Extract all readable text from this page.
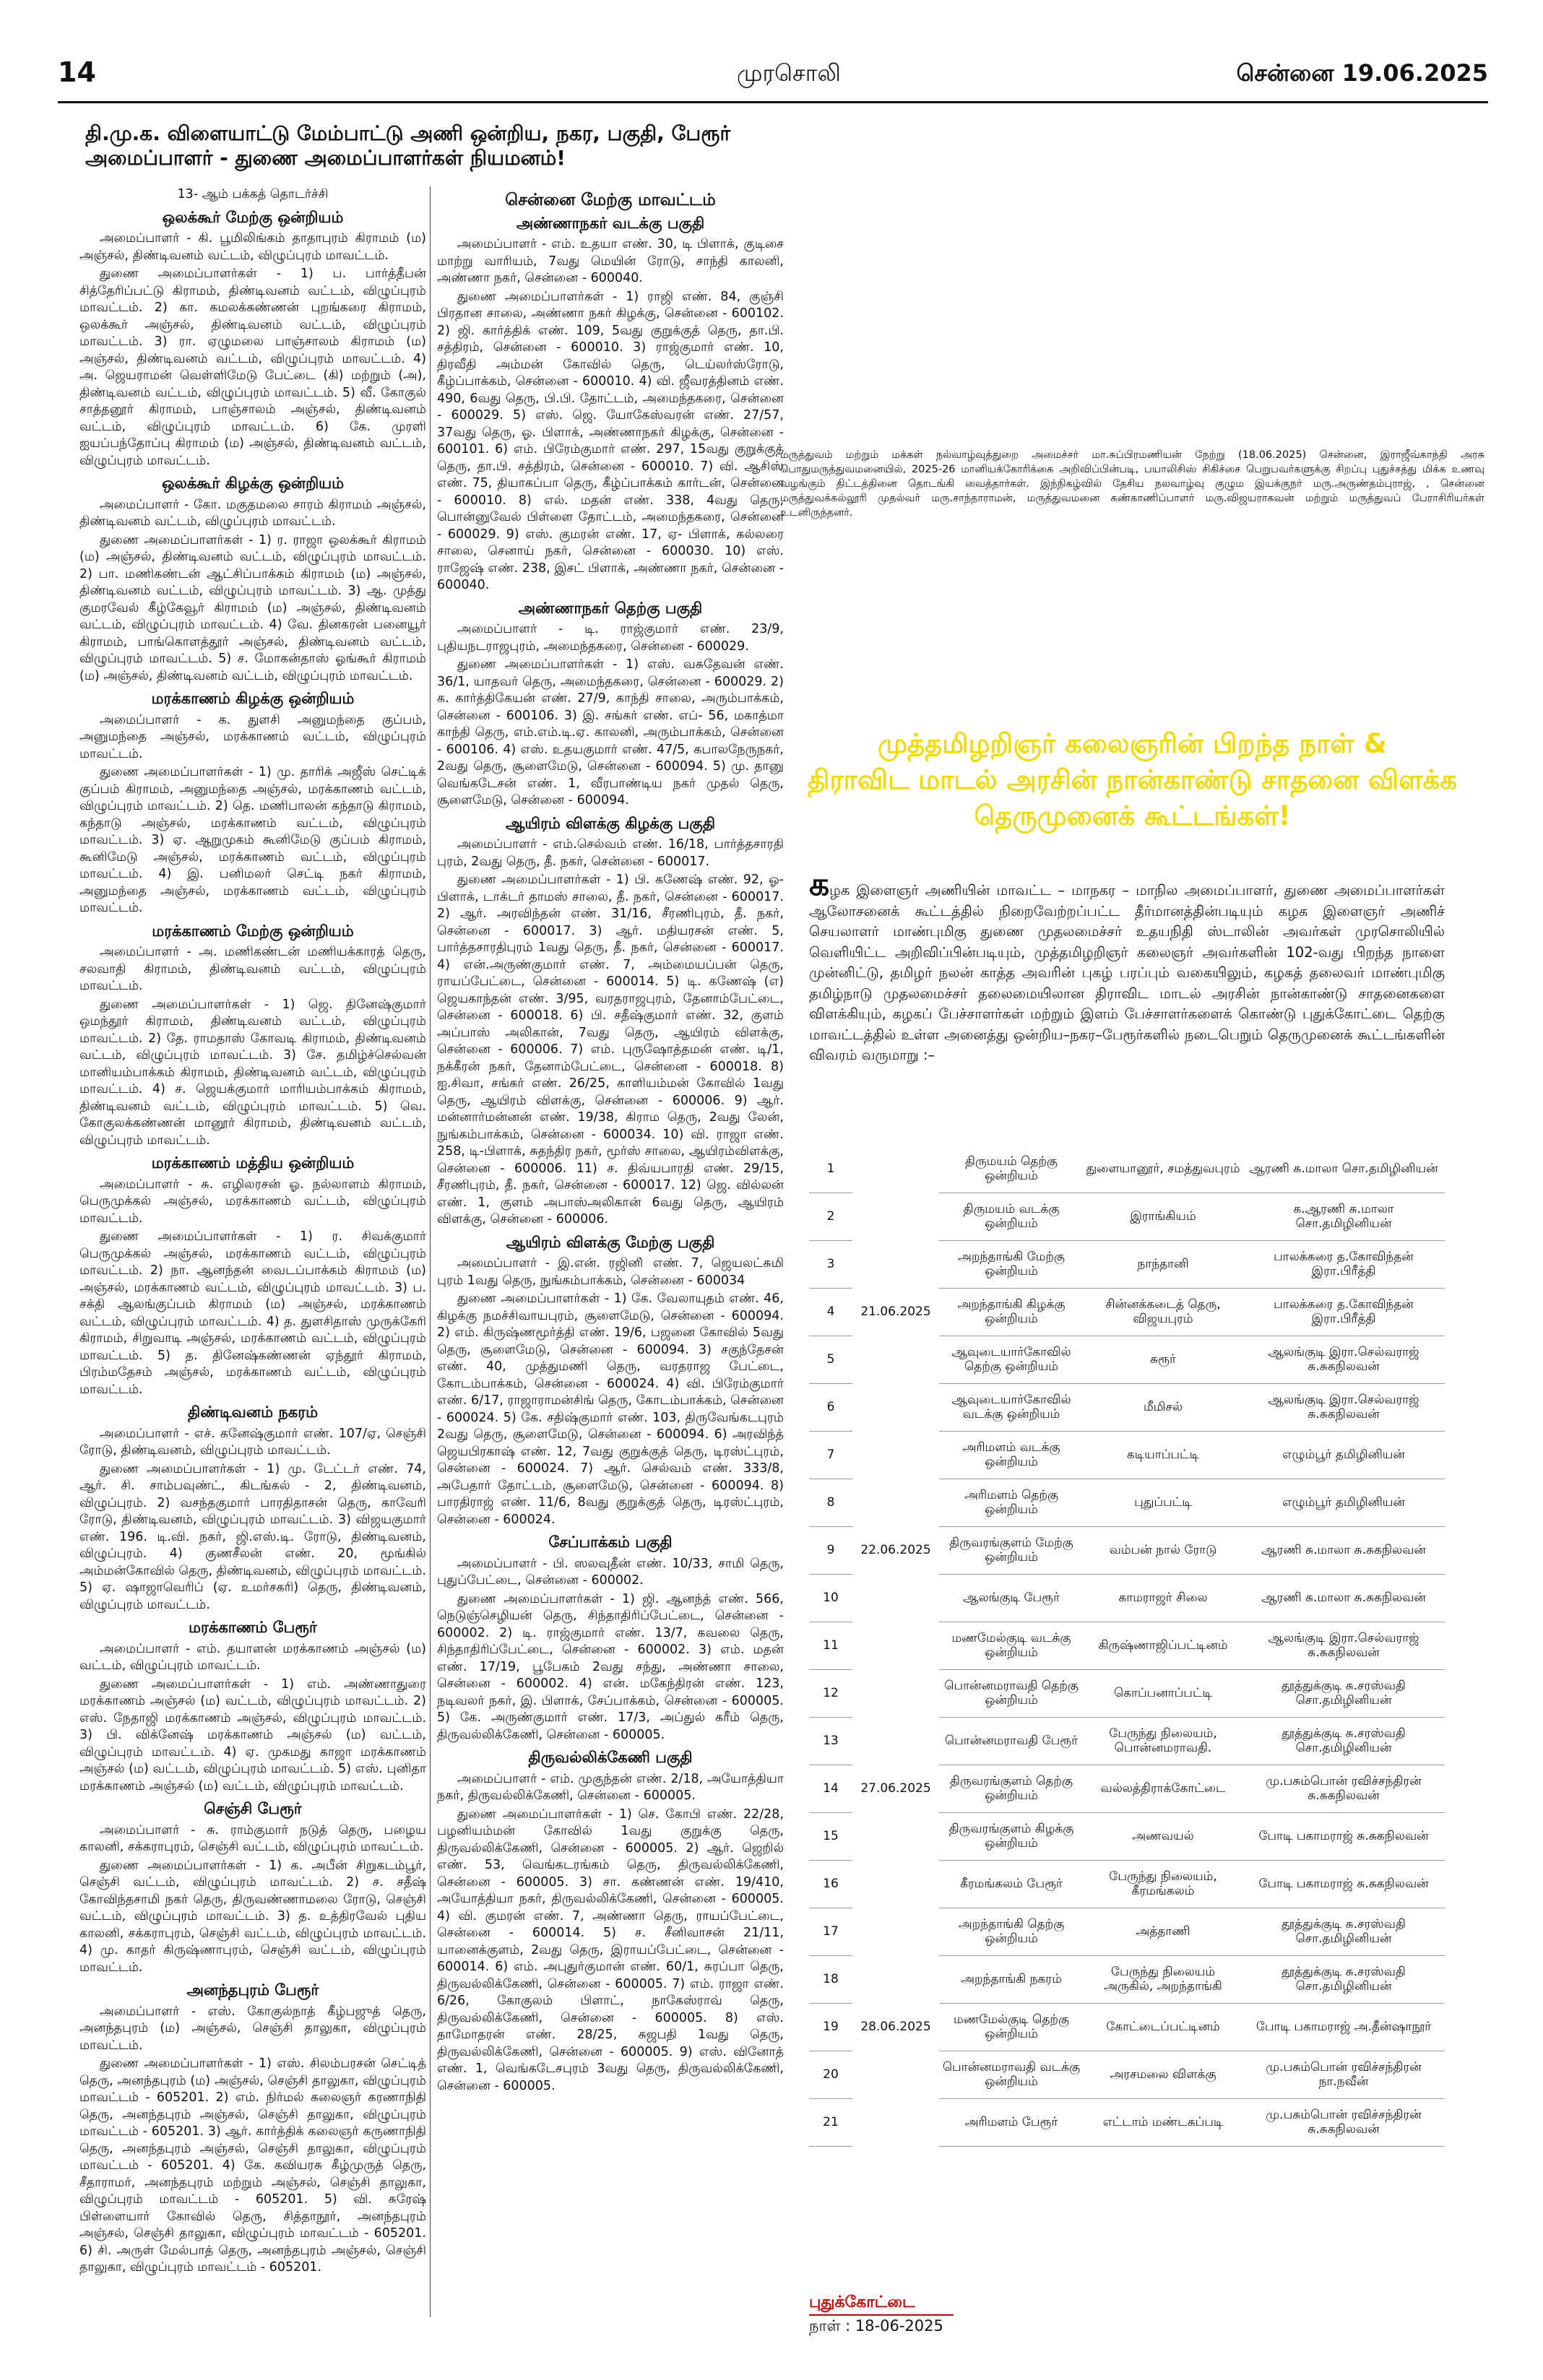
14	முரசொலி	சென்னை 19.06.2025
தி.மு.க. விளையாட்டு மேம்பாட்டு அணி ஒன்றிய, நகர, பகுதி, பேரூர் அமைப்பாளர் - துணை அமைப்பாளர்கள் நியமனம்!

13- ஆம் பக்கத் தொடர்ச்சி

ஒலக்கூர் மேற்கு ஒன்றியம்

அமைப்பாளர் - கி. பூமிலிங்கம் தாதாபுரம் கிராமம் (ம) அஞ்சல், திண்டிவனம் வட்டம், விழுப்புரம் மாவட்டம்.

துணை அமைப்பாளர்கள் - 1) ப. பார்த்தீபன் சித்தேரிப்பட்டு கிராமம், திண்டிவனம் வட்டம், விழுப்புரம் மாவட்டம். 2) கா. கமலக்கண்ணன் புறங்கரை கிராமம், ஒலக்கூர் அஞ்சல், திண்டிவனம் வட்டம், விழுப்புரம் மாவட்டம். 3) ரா. ஏழுமலை பாஞ்சாலம் கிராமம் (ம) அஞ்சல், திண்டிவனம் வட்டம், விழுப்புரம் மாவட்டம். 4) அ. ஜெயராமன் வெள்ளிமேடு பேட்டை (கி) மற்றும் (அ), திண்டிவனம் வட்டம், விழுப்புரம் மாவட்டம். 5) வீ. கோகுல் சாத்தனூர் கிராமம், பாஞ்சாலம் அஞ்சல், திண்டிவனம் வட்டம், விழுப்புரம் மாவட்டம். 6) கே. முரளி ஐயப்பந்தோப்பு கிராமம் (ம) அஞ்சல், திண்டிவனம் வட்டம், விழுப்புரம் மாவட்டம்.

ஒலக்கூர் கிழக்கு ஒன்றியம்

அமைப்பாளர் - கோ. மகுதமலை சாரம் கிராமம் அஞ்சல், திண்டிவனம் வட்டம், விழுப்புரம் மாவட்டம்.

துணை அமைப்பாளர்கள் - 1) ர. ராஜா ஒலக்கூர் கிராமம் (ம) அஞ்சல், திண்டிவனம் வட்டம், விழுப்புரம் மாவட்டம். 2) பா. மணிகண்டன் ஆட்சிப்பாக்கம் கிராமம் (ம) அஞ்சல், திண்டிவனம் வட்டம், விழுப்புரம் மாவட்டம். 3) ஆ. முத்து குமரவேல் கீழ்கேவூர் கிராமம் (ம) அஞ்சல், திண்டிவனம் வட்டம், விழுப்புரம் மாவட்டம். 4) வே. தினகரன் பனையூர் கிராமம், பாங்கொளத்தூர் அஞ்சல், திண்டிவனம் வட்டம், விழுப்புரம் மாவட்டம். 5) ச. மோகன்தாஸ் ஓங்கூர் கிராமம் (ம) அஞ்சல், திண்டிவனம் வட்டம், விழுப்புரம் மாவட்டம்.

மரக்காணம் கிழக்கு ஒன்றியம்

அமைப்பாளர் - க. துளசி அனுமந்தை குப்பம், அனுமந்தை அஞ்சல், மரக்காணம் வட்டம், விழுப்புரம் மாவட்டம்.

துணை அமைப்பாளர்கள் - 1) மு. தாரிக் அஜீஸ் செட்டிக் குப்பம் கிராமம், அனுமந்தை அஞ்சல், மரக்காணம் வட்டம், விழுப்புரம் மாவட்டம். 2) தெ. மணிபாலன் கந்தாடு கிராமம், கந்தாடு அஞ்சல், மரக்காணம் வட்டம், விழுப்புரம் மாவட்டம். 3) ஏ. ஆறுமுகம் கூனிமேடு குப்பம் கிராமம், கூனிமேடு அஞ்சல், மரக்காணம் வட்டம், விழுப்புரம் மாவட்டம். 4) இ. பனிமலர் செட்டி நகர் கிராமம், அனுமந்தை அஞ்சல், மரக்காணம் வட்டம், விழுப்புரம் மாவட்டம்.

மரக்காணம் மேற்கு ஒன்றியம்

அமைப்பாளர் - அ. மணிகண்டன் மணியக்காரத் தெரு, சலவாதி கிராமம், திண்டிவனம் வட்டம், விழுப்புரம் மாவட்டம்.

துணை அமைப்பாளர்கள் - 1) ஜெ. தினேஷ்குமார் ஒமந்தூர் கிராமம், திண்டிவனம் வட்டம், விழுப்புரம் மாவட்டம். 2) தே. ராமதாஸ் கோவடி கிராமம், திண்டிவனம் வட்டம், விழுப்புரம் மாவட்டம். 3) சே. தமிழ்ச்செல்வன் மானியம்பாக்கம் கிராமம், திண்டிவனம் வட்டம், விழுப்புரம் மாவட்டம். 4) ச. ஜெயக்குமார் மாரியம்பாக்கம் கிராமம், திண்டிவனம் வட்டம், விழுப்புரம் மாவட்டம். 5) வெ. கோகுலக்கண்ணன் மானூர் கிராமம், திண்டிவனம் வட்டம், விழுப்புரம் மாவட்டம்.

மரக்காணம் மத்திய ஒன்றியம்

அமைப்பாளர் - சு. எழிலரசன் ஓ. நல்லாளம் கிராமம், பெருமுக்கல் அஞ்சல், மரக்காணம் வட்டம், விழுப்புரம் மாவட்டம்.

துணை அமைப்பாளர்கள் - 1) ர. சிவக்குமார் பெருமுக்கல் அஞ்சல், மரக்காணம் வட்டம், விழுப்புரம் மாவட்டம். 2) நா. ஆனந்தன் வைடப்பாக்கம் கிராமம் (ம) அஞ்சல், மரக்காணம் வட்டம், விழுப்புரம் மாவட்டம். 3) ப. சக்தி ஆலங்குப்பம் கிராமம் (ம) அஞ்சல், மரக்காணம் வட்டம், விழுப்புரம் மாவட்டம். 4) த. துளசிதாஸ் முருக்கேரி கிராமம், சிறுவாடி அஞ்சல், மரக்காணம் வட்டம், விழுப்புரம் மாவட்டம். 5) த. தினேஷ்கண்ணன் ஏந்தூர் கிராமம், பிரம்மதேசம் அஞ்சல், மரக்காணம் வட்டம், விழுப்புரம் மாவட்டம்.

திண்டிவனம் நகரம்

அமைப்பாளர் - எச். கனேஷ்குமார் எண். 107/ஏ, செஞ்சி ரோடு, திண்டிவனம், விழுப்புரம் மாவட்டம்.

துணை அமைப்பாளர்கள் - 1) மு. டேட்டர் எண். 74, ஆர். சி. சாம்பவுண்ட், கிடங்கல் - 2, திண்டிவனம், விழுப்புரம். 2) வசந்தகுமார் பாரதிதாசன் தெரு, காவேரி ரோடு, திண்டிவனம், விழுப்புரம் மாவட்டம். 3) விஜயகுமார் எண். 196. டி.வி. நகர், ஜி.எஸ்.டி. ரோடு, திண்டிவனம், விழுப்புரம். 4) குணசீலன் எண். 20, மூங்கில் அம்மன்கோவில் தெரு, திண்டிவனம், விழுப்புரம் மாவட்டம். 5) ஏ. ஷாஜாவெரிப் (ஏ. உமர்சகரி) தெரு, திண்டிவனம், விழுப்புரம் மாவட்டம்.

மரக்காணம் பேரூர்

அமைப்பாளர் - எம். தயாளன் மரக்காணம் அஞ்சல் (ம) வட்டம், விழுப்புரம் மாவட்டம்.

துணை அமைப்பாளர்கள் - 1) எம். அண்ணாதுரை மரக்காணம் அஞ்சல் (ம) வட்டம், விழுப்புரம் மாவட்டம். 2) எஸ். நேதாஜி மரக்காணம் அஞ்சல், விழுப்புரம் மாவட்டம். 3) பி. விக்னேஷ் மரக்காணம் அஞ்சல் (ம) வட்டம், விழுப்புரம் மாவட்டம். 4) ஏ. முகமது காஜா மரக்காணம் அஞ்சல் (ம) வட்டம், விழுப்புரம் மாவட்டம். 5) எஸ். புனிதா மரக்காணம் அஞ்சல் (ம) வட்டம், விழுப்புரம் மாவட்டம்.

செஞ்சி பேரூர்

அமைப்பாளர் - சு. ராம்குமார் நடுத் தெரு, பழைய காலனி, சக்கராபுரம், செஞ்சி வட்டம், விழுப்புரம் மாவட்டம்.

துணை அமைப்பாளர்கள் - 1) க. அபீன் சிறுகடம்பூர், செஞ்சி வட்டம், விழுப்புரம் மாவட்டம். 2) ச. சதீஷ் கோவிந்தசாமி நகர் தெரு, திருவண்ணாமலை ரோடு, செஞ்சி வட்டம், விழுப்புரம் மாவட்டம். 3) த. உத்திரவேல் புதிய காலனி, சக்கராபுரம், செஞ்சி வட்டம், விழுப்புரம் மாவட்டம். 4) மு. காதர் கிருஷ்ணாபுரம், செஞ்சி வட்டம், விழுப்புரம் மாவட்டம்.

அனந்தபுரம் பேரூர்

அமைப்பாளர் - எஸ். கோகுல்நாத் கீழ்பஜுத் தெரு, அனந்தபுரம் (ம) அஞ்சல், செஞ்சி தாலுகா, விழுப்புரம் மாவட்டம்.

துணை அமைப்பாளர்கள் - 1) எஸ். சிலம்பரசன் செட்டித் தெரு, அனந்தபுரம் (ம) அஞ்சல், செஞ்சி தாலுகா, விழுப்புரம் மாவட்டம் - 605201. 2) எம். நிர்மல் கலைஞர் கரணாநிதி தெரு, அனந்தபுரம் அஞ்சல், செஞ்சி தாலுகா, விழுப்புரம் மாவட்டம் - 605201. 3) ஆர். கார்த்திக் கலைஞர் கருணாநிதி தெரு, அனந்தபுரம் அஞ்சல், செஞ்சி தாலுகா, விழுப்புரம் மாவட்டம் - 605201. 4) கே. கவியரசு கீழ்முருத் தெரு, சீதாராமர், அனந்தபுரம் மற்றும் அஞ்சல், செஞ்சி தாலுகா, விழுப்புரம் மாவட்டம் - 605201. 5) வி. சுரேஷ் பிள்ளையார் கோவில் தெரு, சித்தாநூர், அனந்தபுரம் அஞ்சல், செஞ்சி தாலுகா, விழுப்புரம் மாவட்டம் - 605201. 6) சி. அருள் மேல்பாத் தெரு, அனந்தபுரம் அஞ்சல், செஞ்சி தாலுகா, விழுப்புரம் மாவட்டம் - 605201.

சென்னை மேற்கு மாவட்டம்
அண்ணாநகர் வடக்கு பகுதி

அமைப்பாளர் - எம். உதயா எண். 30, டி பிளாக், குடிசை மாற்று வாரியம், 7வது மெயின் ரோடு, சாந்தி காலனி, அண்ணா நகர், சென்னை - 600040.

துணை அமைப்பாளர்கள் - 1) ராஜி எண். 84, குஞ்சி பிரதான சாலை, அண்ணா நகர் கிழக்கு, சென்னை - 600102. 2) ஜி. கார்த்திக் எண். 109, 5வது குறுக்குத் தெரு, தா.பி. சத்திரம், சென்னை - 600010. 3) ராஜ்குமார் எண். 10, திரவீதி அம்மன் கோவில் தெரு, டெய்லர்ஸ்ரோடு, கீழ்ப்பாக்கம், சென்னை - 600010. 4) வி. ஜீவரத்தினம் எண். 490, 6வது தெரு, பி.பி. தோட்டம், அமைந்தகரை, சென்னை - 600029. 5) எஸ். ஜெ. யோகேஸ்வரன் எண். 27/57, 37வது தெரு, ஓ. பிளாக், அண்ணாநகர் கிழக்கு, சென்னை - 600101. 6) எம். பிரேம்குமார் எண். 297, 15வது குறுக்குத் தெரு, தா.பி. சத்திரம், சென்னை - 600010. 7) வி. ஆசிஸ் எண். 75, தியாகப்பா தெரு, கீழ்ப்பாக்கம் கார்டன், சென்னை - 600010. 8) எல். மதன் எண். 338, 4வது தெரு, பொன்னுவேல் பிள்ளை தோட்டம், அமைந்தகரை, சென்னை - 600029. 9) எஸ். குமரன் எண். 17, ஏ- பிளாக், கல்லரை சாலை, செனாய் நகர், சென்னை - 600030. 10) எஸ். ராஜேஷ் எண். 238, இசட் பிளாக், அண்ணா நகர், சென்னை - 600040.

அண்ணாநகர் தெற்கு பகுதி

அமைப்பாளர் - டி. ராஜ்குமார் எண். 23/9, புதியநடராஜபுரம், அமைந்தகரை, சென்னை - 600029.

துணை அமைப்பாளர்கள் - 1) எஸ். வசுதேவன் எண். 36/1, யாதவர் தெரு, அமைந்தகரை, சென்னை - 600029. 2) க. கார்த்திகேயன் எண். 27/9, காந்தி சாலை, அரும்பாக்கம், சென்னை - 600106. 3) இ. சங்கர் எண். எப்- 56, மகாத்மா காந்தி தெரு, எம்.எம்.டி.ஏ. காலனி, அரும்பாக்கம், சென்னை - 600106. 4) எஸ். உதயகுமார் எண். 47/5, கபாலநேருநகர், 2வது தெரு, சூளைமேடு, சென்னை - 600094. 5) மு. தானு வெங்கடேசன் எண். 1, வீரபாண்டிய நகர் முதல் தெரு, சூளைமேடு, சென்னை - 600094.

ஆயிரம் விளக்கு கிழக்கு பகுதி

அமைப்பாளர் - எம்.செல்வம் எண். 16/18, பார்த்தசாரதி புரம், 2வது தெரு, தீ. நகர், சென்னை - 600017.

துணை அமைப்பாளர்கள் - 1) பி. கணேஷ் எண். 92, ஓ-பிளாக், டாக்டர் தாமஸ் சாலை, தீ. நகர், சென்னை - 600017. 2) ஆர். அரவிந்தன் எண். 31/16, சீரணிபுரம், தீ. நகர், சென்னை - 600017. 3) ஆர். மதியரசன் எண். 5, பார்த்தசாரதிபுரம் 1வது தெரு, தீ. நகர், சென்னை - 600017. 4) என்.அருண்குமார் எண். 7, அம்மையப்பன் தெரு, ராயப்பேட்டை, சென்னை - 600014. 5) டி. கணேஷ் (எ) ஜெயகாந்தன் எண். 3/95, வரதராஜபுரம், தேனாம்பேட்டை, சென்னை - 600018. 6) பி. சதீஷ்குமார் எண். 32, குளம் அப்பாஸ் அலிகான், 7வது தெரு, ஆயிரம் விளக்கு, சென்னை - 600006. 7) எம். புருஷோத்தமன் எண். டி/1, நக்கீரன் நகர், தேனாம்பேட்டை, சென்னை - 600018. 8) ஐ.சிவா, சங்கர் எண். 26/25, காளியம்மன் கோவில் 1வது தெரு, ஆயிரம் விளக்கு, சென்னை - 600006. 9) ஆர். மன்னார்மன்னன் எண். 19/38, கிராம தெரு, 2வது லேன், நுங்கம்பாக்கம், சென்னை - 600034. 10) வி. ராஜா எண். 258, டி-பிளாக், சுதந்திர நகர், மூர்ஸ் சாலை, ஆயிரம்விளக்கு, சென்னை - 600006. 11) ச. திவ்யபாரதி எண். 29/15, சீரணிபுரம், தீ. நகர், சென்னை - 600017. 12) ஜெ. வில்லன் எண். 1, குளம் அபாஸ்அலிகான் 6வது தெரு, ஆயிரம் விளக்கு, சென்னை - 600006.

ஆயிரம் விளக்கு மேற்கு பகுதி

அமைப்பாளர் - இ.என். ரஜினி் எண். 7, ஜெயலட்சுமி புரம் 1வது தெரு, நுங்கம்பாக்கம், சென்னை - 600034

துணை அமைப்பாளர்கள் - 1) கே. வேலாயுதம் எண். 46, கிழக்கு நமச்சிவாயபுரம், சூளைமேடு, சென்னை - 600094. 2) எம். கிருஷ்ணமூர்த்தி எண். 19/6, பஜனை கோவில் 5வது தெரு, சூளைமேடு, சென்னை - 600094. 3) சகுந்தேசன் எண். 40, முத்துமணி தெரு, வரதராஜ பேட்டை, கோடம்பாக்கம், சென்னை - 600024. 4) வி. பிரேம்குமார் எண். 6/17, ராஜாராமன்சிங் தெரு, கோடம்பாக்கம், சென்னை - 600024. 5) கே. சதிஷ்குமார் எண். 103, திருவேங்கடபுரம் 2வது தெரு, சூளைமேடு, சென்னை - 600094. 6) அரவிந்த் ஜெயபிரகாஷ் எண். 12, 7வது குறுக்குத் தெரு, டிரஸ்ட்புரம், சென்னை - 600024. 7) ஆர். செல்வம் எண். 333/8, அபேதார் தோட்டம், சூளைமேடு, சென்னை - 600094. 8) பாரதிராஜ் எண். 11/6, 8வது குறுக்குத் தெரு, டிரஸ்ட்புரம், சென்னை - 600024.

சேப்பாக்கம் பகுதி

அமைப்பாளர் - பி. ஸலவுதீன் எண். 10/33, சாமி தெரு, புதுப்பேட்டை, சென்னை - 600002.

துணை அமைப்பாளர்கள் - 1) ஜி. ஆனந்த் எண். 566, நெடுஞ்செழியன் தெரு, சிந்தாதிரிப்பேட்டை, சென்னை - 600002. 2) டி. ராஜ்குமார் எண். 13/7, கவலை தெரு, சிந்தாதிரிப்பேட்டை, சென்னை - 600002. 3) எம். மதன் எண். 17/19, பூபேகம் 2வது சந்து, அண்ணா சாலை, சென்னை - 600002. 4) என். மகேந்திரன் எண். 123, நடிவலர் நகர், இ. பிளாக், சேப்பாக்கம், சென்னை - 600005. 5) கே. அருண்குமார் எண். 17/3, அப்துல் கரீம் தெரு, திருவல்லிக்கேணி, சென்னை - 600005.

திருவல்லிக்கேணி பகுதி

அமைப்பாளர் - எம். முகுந்தன் எண். 2/18, அயோத்தியா நகர், திருவல்லிக்கேணி, சென்னை - 600005.

துணை அமைப்பாளர்கள் - 1) செ. கோபி எண். 22/28, பழனியம்மன் கோவில் 1வது குறுக்கு தெரு, திருவல்லிக்கேணி, சென்னை - 600005. 2) ஆர். ஜெறில் எண். 53, வெங்கடரங்கம் தெரு, திருவல்லிக்கேணி, சென்னை - 600005. 3) சா. கண்ணன் எண். 19/410, அயோத்தியா நகர், திருவல்லிக்கேணி, சென்னை - 600005. 4) வி. குமரன் எண். 7, அண்ணா தெரு, ராயப்பேட்டை, சென்னை - 600014. 5) ச. சீனிவாசன் 21/11, யானைக்குளம், 2வது தெரு, இராயப்பேட்டை, சென்னை - 600014. 6) எம். அபுதுர்குமான் எண். 60/1, சுரப்பா தெரு, திருவல்லிக்கேணி, சென்னை - 600005. 7) எம். ராஜா எண். 6/26, கோகுலம் பிளாட், நாகேஸ்ராவ் தெரு, திருவல்லிக்கேணி, சென்னை - 600005. 8) எஸ். தாமோதரன் எண். 28/25, சுஜபதி 1வது தெரு, திருவல்லிக்கேணி, சென்னை - 600005. 9) எஸ். வினோத் எண். 1, வெங்கடேசபுரம் 3வது தெரு, திருவல்லிக்கேணி, சென்னை - 600005.

மருத்துவம் மற்றும் மக்கள் நல்வாழ்வுத்துறை அமைச்சர் மா.சுப்பிரமணியன் நேற்று (18.06.2025) சென்னை, இராஜீவ்காந்தி அரசு பொதுமருத்துவமனையில், 2025-26 மானியக்கோரிக்கை அறிவிப்பின்படி, பயாலிசிஸ் சிகிச்சை பெறுபவர்களுக்கு சிறப்பு புதுச்சத்து மிக்க உணவு வழங்கும் திட்டத்தினை தொடங்கி வைத்தார்கள். இந்நிகழ்வில் தேசிய நலவாழ்வு குழும இயக்குநர் மரு.அருண்தம்புராஜ், , சென்னை மருத்துவக்கல்லூரி முதல்வர் மரு.சாந்தாராமன், மருத்துவமனை கண்காணிப்பாளர் மரு.விஜயராகவன் மற்றும் மருத்துவப் பேராசிரியர்கள் உடனிருந்தனர்.
முத்தமிழறிஞர் கலைஞரின் பிறந்த நாள் &
திராவிட மாடல் அரசின் நான்காண்டு சாதனை விளக்க
தெருமுனைக் கூட்டங்கள்!
கழக இளைஞர் அணியின் மாவட்ட – மாநகர – மாநில அமைப்பாளர், துணை அமைப்பாளர்கள் ஆலோசனைக் கூட்டத்தில் நிறைவேற்றப்பட்ட தீர்மானத்தின்படியும் கழக இளைஞர் அணிச் செயலாளர் மாண்புமிகு துணை முதலமைச்சர் உதயநிதி ஸ்டாலின் அவர்கள் முரசொலியில் வெளியிட்ட அறிவிப்பின்படியும், முத்தமிழறிஞர் கலைஞர் அவர்களின் 102-வது பிறந்த நாளை முன்னிட்டு, தமிழர் நலன் காத்த அவரின் புகழ் பரப்பும் வகையிலும், கழகத் தலைவர் மாண்புமிகு தமிழ்நாடு முதலமைச்சர் தலைமையிலான திராவிட மாடல் அரசின் நான்காண்டு சாதனைகளை விளக்கியும், கழகப் பேச்சாளர்கள் மற்றும் இளம் பேச்சாளர்களைக் கொண்டு புதுக்கோட்டை தெற்கு மாவட்டத்தில் உள்ள அனைத்து ஒன்றிய–நகர–பேரூர்களில் நடைபெறும் தெருமுனைக் கூட்டங்களின் விவரம் வருமாறு :–
1		திருமயம் தெற்கு ஒன்றியம்	துளையானூர், சமத்துவபுரம்	ஆரணி சு.மாலா சொ.தமிழினியன்
2		திருமயம் வடக்கு ஒன்றியம்	இராங்கியம்	க.ஆரணி சு.மாலா சொ.தமிழினியன்
3		அறந்தாங்கி மேற்கு ஒன்றியம்	நாந்தானி	பாலக்கரை த.கோவிந்தன் இரா.பிரீத்தி
4	21.06.2025	அறந்தாங்கி கிழக்கு ஒன்றியம்	சின்னக்கடைத் தெரு, விஜயபுரம்	பாலக்கரை த.கோவிந்தன் இரா.பிரீத்தி
5		ஆவுடையார்கோவில் தெற்கு ஒன்றியம்	சுரூர்	ஆலங்குடி இரா.செல்வராஜ் சு.சுகநிலவன்
6		ஆவுடையார்கோவில் வடக்கு ஒன்றியம்	மீமிசல்	ஆலங்குடி இரா.செல்வராஜ் சு.சுகநிலவன்
7		அரிமளம் வடக்கு ஒன்றியம்	கடியாப்பட்டி	எழும்பூர் தமிழினியன்
8		அரிமளம் தெற்கு ஒன்றியம்	புதுப்பட்டி	எழும்பூர் தமிழினியன்
9	22.06.2025	திருவரங்குளம் மேற்கு ஒன்றியம்	வம்பன் நால் ரோடு	ஆரணி சு.மாலா சு.சுகநிலவன்
10		ஆலங்குடி பேரூர்	காமராஜர் சிலை	ஆரணி சு.மாலா சு.சுகநிலவன்
11		மணமேல்குடி வடக்கு ஒன்றியம்	கிருஷ்ணாஜிப்பட்டினம்	ஆலங்குடி இரா.செல்வராஜ் சு.சுகநிலவன்
12		பொன்னமராவதி தெற்கு ஒன்றியம்	கொப்பனாப்பட்டி	தூத்துக்குடி சு.சரஸ்வதி சொ.தமிழினியன்
13		பொன்னமராவதி பேரூர்	பேருந்து நிலையம், பொன்னமராவதி.	தூத்துக்குடி சு.சரஸ்வதி சொ.தமிழினியன்
14	27.06.2025	திருவரங்குளம் தெற்கு ஒன்றியம்	வல்லத்திராக்கோட்டை	மு.பசும்பொன் ரவிச்சந்திரன் சு.சுகநிலவன்
15		திருவரங்குளம் கிழக்கு ஒன்றியம்	அணவயல்	போடி பகாமராஜ் சு.சுகநிலவன்
16		கீரமங்கலம் பேரூர்	பேருந்து நிலையம், கீரமங்கலம்	போடி பகாமராஜ் சு.சுகநிலவன்
17		அறந்தாங்கி தெற்கு ஒன்றியம்	அத்தாணி	தூத்துக்குடி சு.சரஸ்வதி சொ.தமிழினியன்
18		அறந்தாங்கி நகரம்	பேருந்து நிலையம் அருகில், அறந்தாங்கி	தூத்துக்குடி சு.சரஸ்வதி சொ.தமிழினியன்
19	28.06.2025	மணமேல்குடி தெற்கு ஒன்றியம்	கோட்டைப்பட்டினம்	போடி பகாமராஜ் அ.தீன்ஷாநூர்
20		பொன்னமராவதி வடக்கு ஒன்றியம்	அரசமலை விளக்கு	மு.பசும்பொன் ரவிச்சந்திரன் நா.நவீன்
21		அரிமளம் பேரூர்	எட்டாம் மண்டகப்படி	மு.பசும்பொன் ரவிச்சந்திரன் சு.சுகநிலவன்
புதுக்கோட்டை
நாள் : 18-06-2025
